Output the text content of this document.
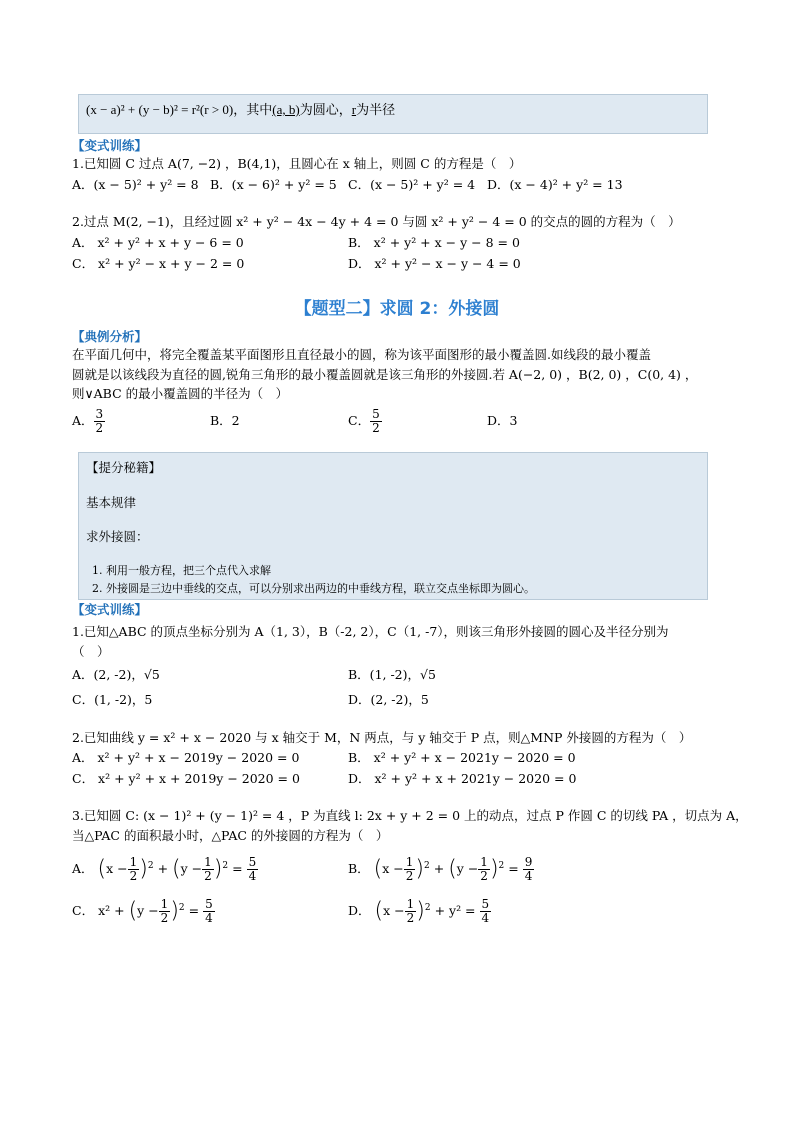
(x − a)² + (y − b)² = r²(r > 0)，其中(a, b)为圆心，r为半径
【变式训练】
1.已知圆 C 过点 A(7, −2) ，B(4,1)，且圆心在 x 轴上，则圆 C 的方程是（　）
A．(x − 5)² + y² = 8 B．(x − 6)² + y² = 5 C．(x − 5)² + y² = 4 D．(x − 4)² + y² = 13
2.过点 M(2, −1)，且经过圆 x² + y² − 4x − 4y + 4 = 0 与圆 x² + y² − 4 = 0 的交点的圆的方程为（　）
A． x² + y² + x + y − 6 = 0	B． x² + y² + x − y − 8 = 0
C． x² + y² − x + y − 2 = 0	D． x² + y² − x − y − 4 = 0
【题型二】求圆 2：外接圆
【典例分析】
在平面几何中，将完全覆盖某平面图形且直径最小的圆，称为该平面图形的最小覆盖圆.如线段的最小覆盖
圆就是以该线段为直径的圆,锐角三角形的最小覆盖圆就是该三角形的外接圆.若 A(−2, 0) ，B(2, 0) ，C(0, 4) ，
则∨ABC 的最小覆盖圆的半径为（　）
A． $\frac{3}{2}$	B．2	C． $\frac{5}{2}$	D．3
【提分秘籍】
基本规律
求外接圆：
1. 利用一般方程，把三个点代入求解
2. 外接圆是三边中垂线的交点，可以分别求出两边的中垂线方程，联立交点坐标即为圆心。
【变式训练】
1.已知△ABC 的顶点坐标分别为 A（1, 3），B（-2, 2），C（1, -7），则该三角形外接圆的圆心及半径分别为
（　）
A．(2, -2)，√5	B．(1, -2)，√5
C．(1, -2)，5	D．(2, -2)，5
2.已知曲线 y = x² + x − 2020 与 x 轴交于 M，N 两点，与 y 轴交于 P 点，则△MNP 外接圆的方程为（　）
A． x² + y² + x − 2019y − 2020 = 0	B． x² + y² + x − 2021y − 2020 = 0
C． x² + y² + x + 2019y − 2020 = 0	D． x² + y² + x + 2021y − 2020 = 0
3.已知圆 C: (x − 1)² + (y − 1)² = 4 ，P 为直线 l: 2x + y + 2 = 0 上的动点，过点 P 作圆 C 的切线 PA ，切点为 A，
当△PAC 的面积最小时，△PAC 的外接圆的方程为（　）
A． $(x - \frac{1}{2} )^2 + (y - \frac{1}{2} )^2 = \frac{5}{4}$	B． $(x - \frac{1}{2} )^2 + (y - \frac{1}{2} )^2 = \frac{9}{4}$
C． $x^2 + (y - \frac{1}{2} )^2 = \frac{5}{4}$	D． $(x - \frac{1}{2} )^2 + y^2 = \frac{5}{4}$
